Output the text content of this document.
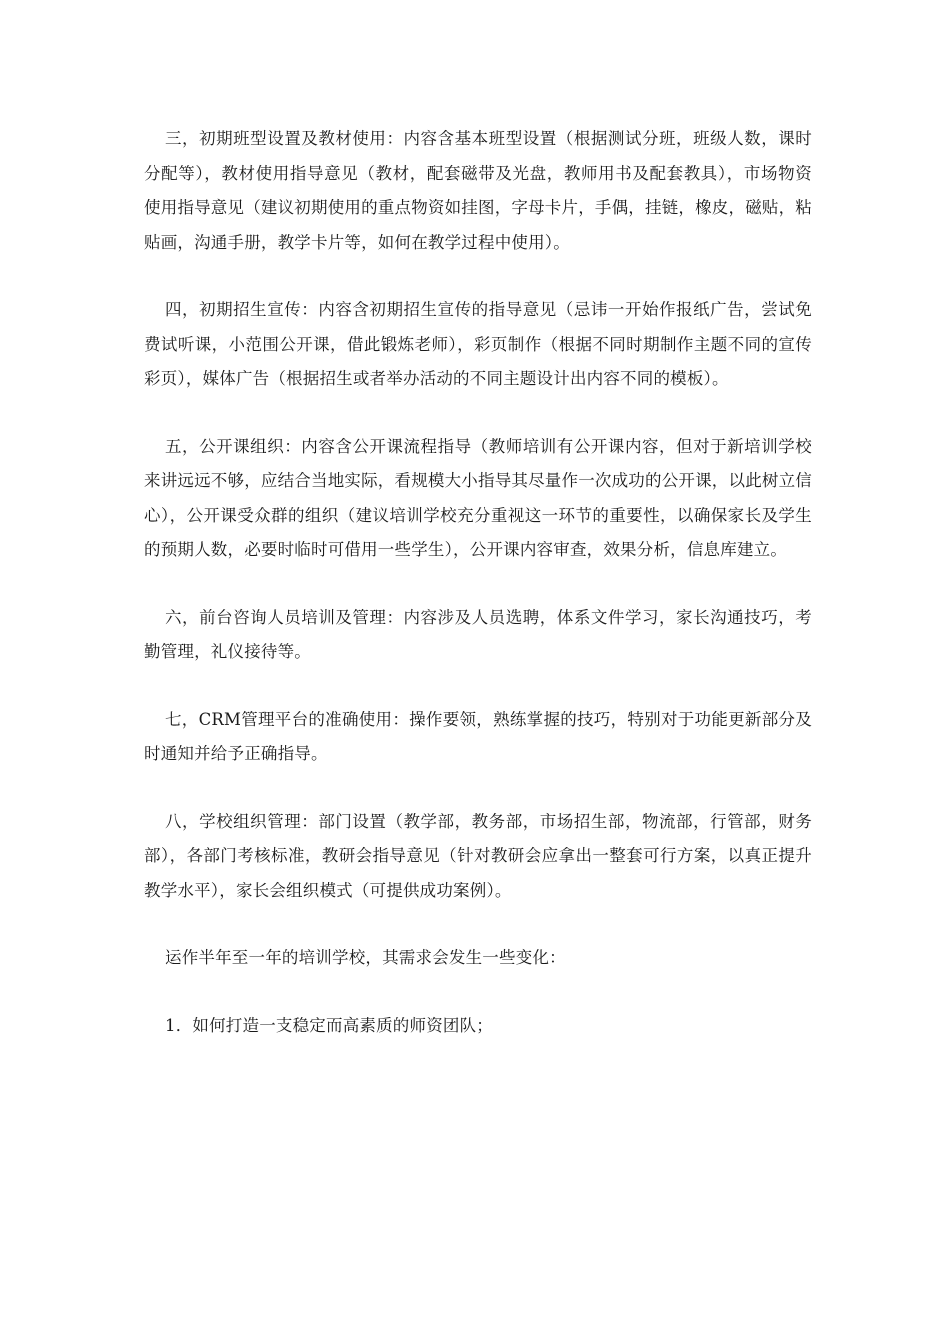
三，初期班型设置及教材使用：内容含基本班型设置（根据测试分班，班级人数，课时分配等），教材使用指导意见（教材，配套磁带及光盘，教师用书及配套教具），市场物资使用指导意见（建议初期使用的重点物资如挂图，字母卡片，手偶，挂链，橡皮，磁贴，粘贴画，沟通手册，教学卡片等，如何在教学过程中使用）。

四，初期招生宣传：内容含初期招生宣传的指导意见（忌讳一开始作报纸广告，尝试免费试听课，小范围公开课，借此锻炼老师），彩页制作（根据不同时期制作主题不同的宣传彩页），媒体广告（根据招生或者举办活动的不同主题设计出内容不同的模板）。

五，公开课组织：内容含公开课流程指导（教师培训有公开课内容，但对于新培训学校来讲远远不够，应结合当地实际，看规模大小指导其尽量作一次成功的公开课，以此树立信心），公开课受众群的组织（建议培训学校充分重视这一环节的重要性，以确保家长及学生的预期人数，必要时临时可借用一些学生），公开课内容审查，效果分析，信息库建立。

六，前台咨询人员培训及管理：内容涉及人员选聘，体系文件学习，家长沟通技巧，考勤管理，礼仪接待等。

七，CRM管理平台的准确使用：操作要领，熟练掌握的技巧，特别对于功能更新部分及时通知并给予正确指导。

八，学校组织管理：部门设置（教学部，教务部，市场招生部，物流部，行管部，财务部），各部门考核标准，教研会指导意见（针对教研会应拿出一整套可行方案，以真正提升教学水平），家长会组织模式（可提供成功案例）。

运作半年至一年的培训学校，其需求会发生一些变化：

1．如何打造一支稳定而高素质的师资团队；
